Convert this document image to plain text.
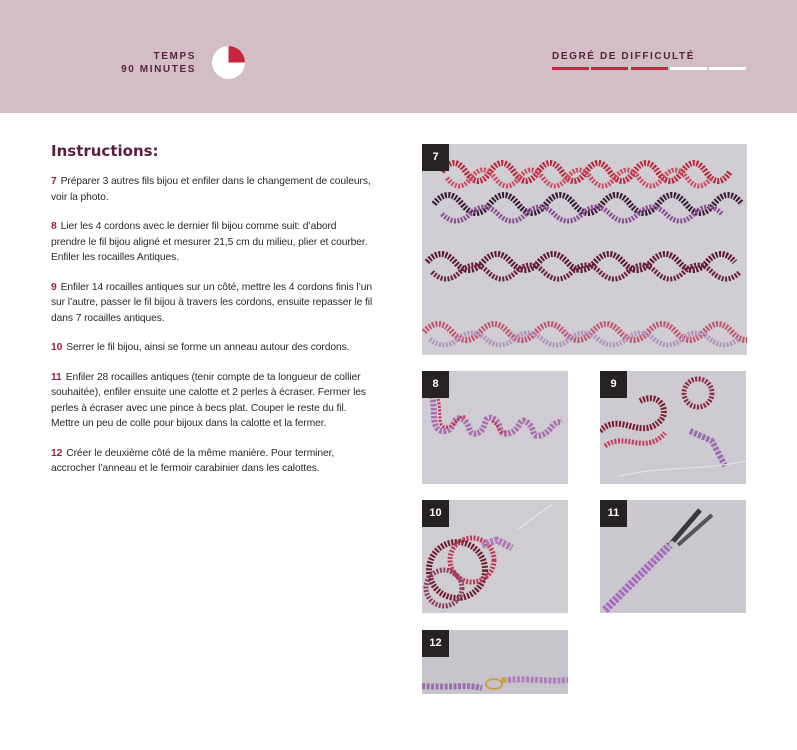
TEMPS
90 MINUTES
DEGRÉ DE DIFFICULTÉ
Instructions:

7 Préparer 3 autres fils bijou et enfiler dans le changement de couleurs, voir la photo.

8 Lier les 4 cordons avec le dernier fil bijou comme suit: d’abord prendre le fil bijou aligné et mesurer 21,5 cm du milieu, plier et courber. Enfiler les rocailles Antiques.

9 Enfiler 14 rocailles antiques sur un côté, mettre les 4 cordons finis l’un sur l’autre, passer le fil bijou à travers les cordons, ensuite repasser le fil dans 7 rocailles antiques.

10 Serrer le fil bijou, ainsi se forme un anneau autour des cordons.

11 Enfiler 28 rocailles antiques (tenir compte de ta longueur de collier souhaitée), enfiler ensuite une calotte et 2 perles à écraser. Fermer les perles à écraser avec une pince à becs plat. Couper le reste du fil. Mettre un peu de colle pour bijoux dans la calotte et la fermer.

12 Créer le deuxième côté de la même manière. Pour terminer, accrocher l’anneau et le fermoir carabinier dans les calottes.

7
8	9
10	11
12
